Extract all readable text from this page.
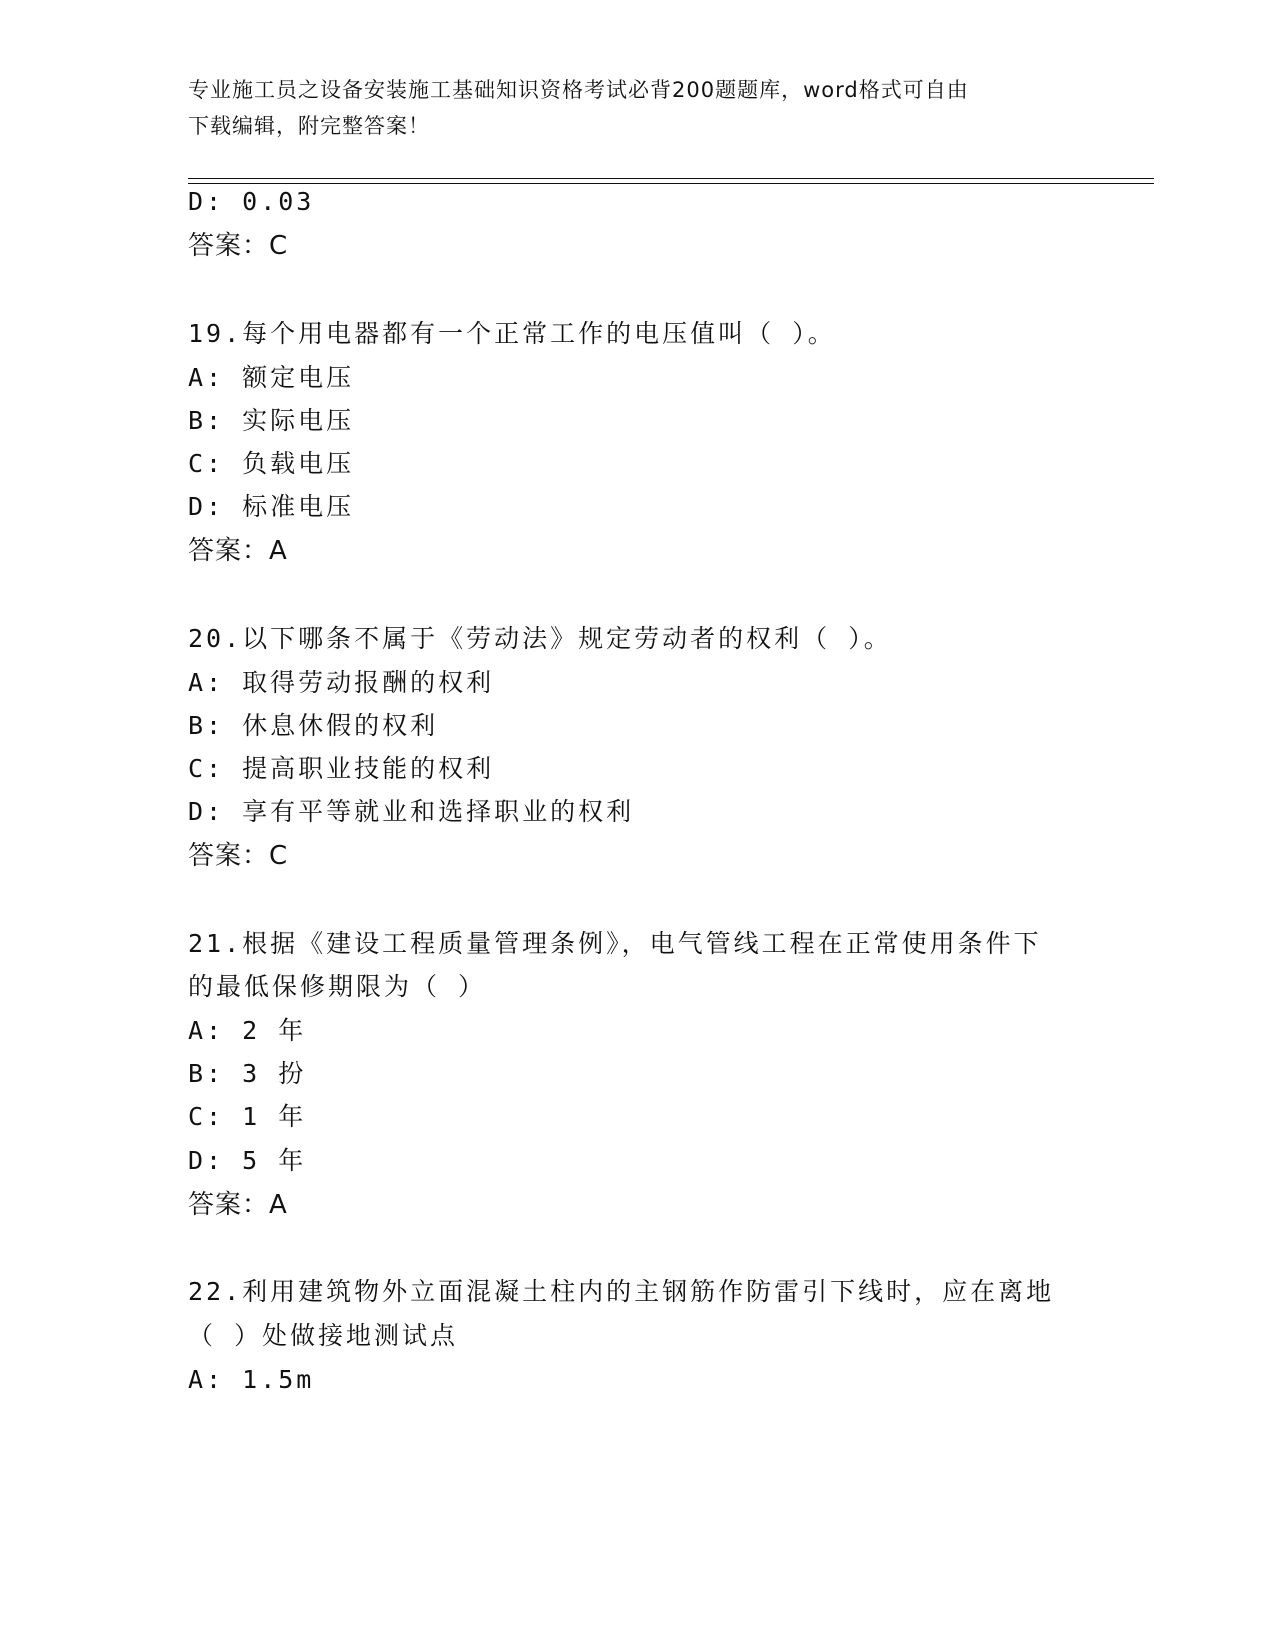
专业施工员之设备安装施工基础知识资格考试必背200题题库，word格式可自由
下载编辑，附完整答案！
D: 0.03
答案：C
19.每个用电器都有一个正常工作的电压值叫（ ）。
A: 额定电压
B: 实际电压
C: 负载电压
D: 标准电压
答案：A
20.以下哪条不属于《劳动法》规定劳动者的权利（ ）。
A: 取得劳动报酬的权利
B: 休息休假的权利
C: 提高职业技能的权利
D: 享有平等就业和选择职业的权利
答案：C
21.根据《建设工程质量管理条例》，电气管线工程在正常使用条件下
的最低保修期限为（ ）
A: 2 年
B: 3 扮
C: 1 年
D: 5 年
答案：A
22.利用建筑物外立面混凝土柱内的主钢筋作防雷引下线时，应在离地
（ ）处做接地测试点
A: 1.5m
